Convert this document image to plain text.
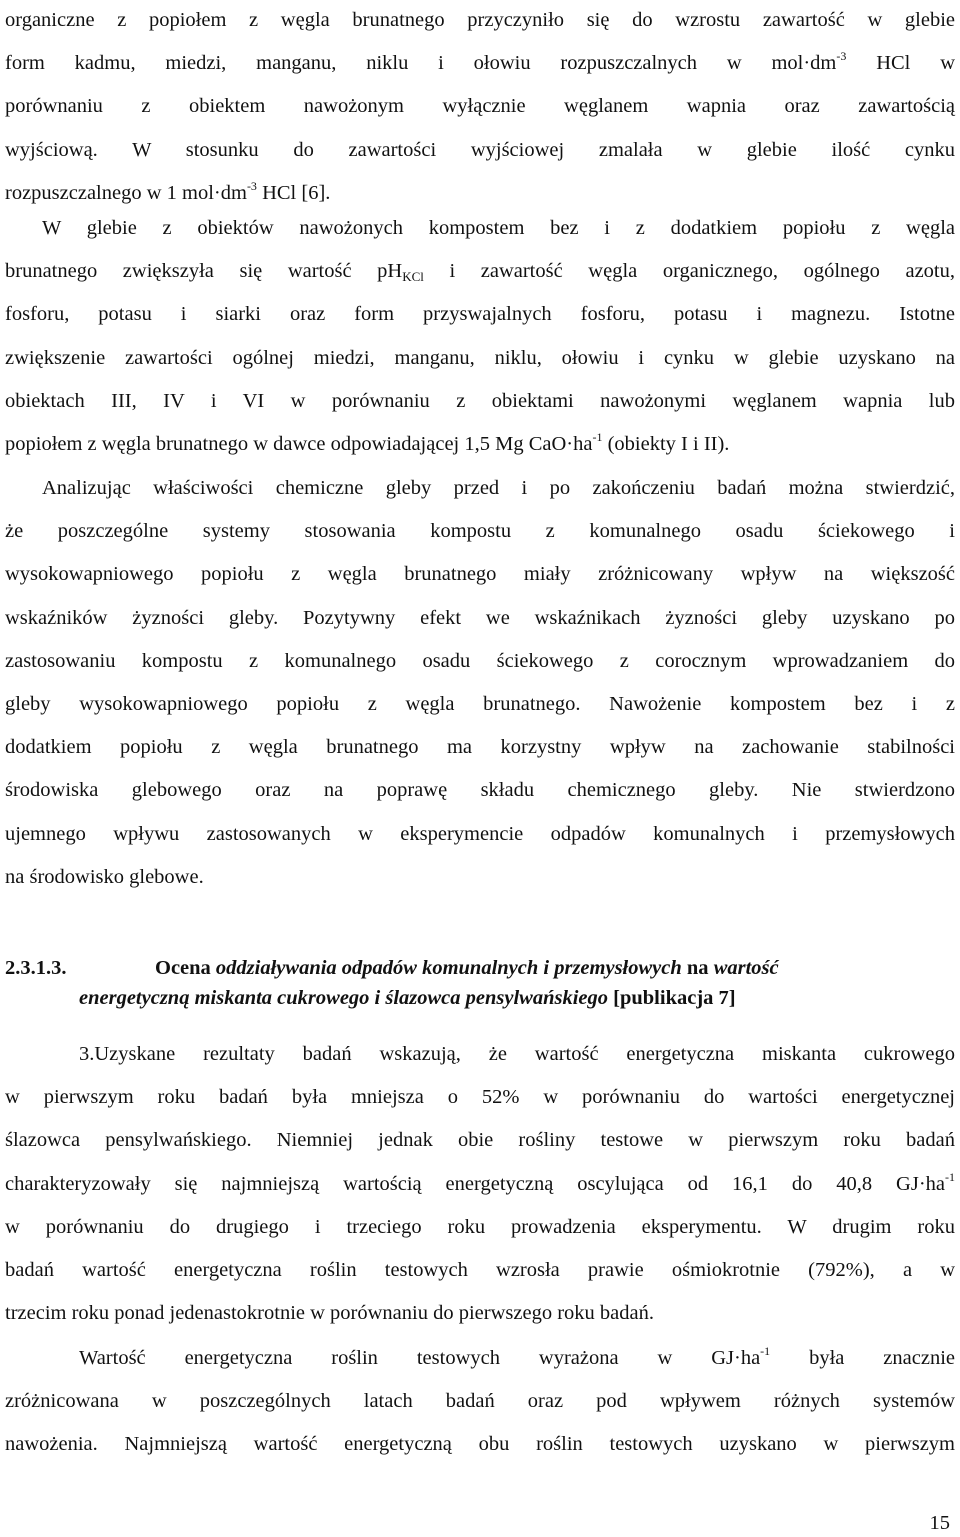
organiczne z popiołem z węgla brunatnego przyczyniło się do wzrostu zawartość w glebie
form kadmu, miedzi, manganu, niklu i ołowiu rozpuszczalnych w $mol\cdot dm^{-3}$ HCl w
porównaniu z obiektem nawożonym wyłącznie węglanem wapnia oraz zawartością
wyjściową. W stosunku do zawartości wyjściowej zmalała w glebie ilość cynku
rozpuszczalnego w 1 $mol\cdot dm^{-3}$ HCl [6].
W glebie z obiektów nawożonych kompostem bez i z dodatkiem popiołu z węgla
brunatnego zwiększyła się wartość $pH_{KCl}$ i zawartość węgla organicznego, ogólnego azotu,
fosforu, potasu i siarki oraz form przyswajalnych fosforu, potasu i magnezu. Istotne
zwiększenie zawartości ogólnej miedzi, manganu, niklu, ołowiu i cynku w glebie uzyskano na
obiektach III, IV i VI w porównaniu z obiektami nawożonymi węglanem wapnia lub
popiołem z węgla brunatnego w dawce odpowiadającej 1,5 Mg $CaO\cdot ha^{-1}$ (obiekty I i II).
Analizując właściwości chemiczne gleby przed i po zakończeniu badań można stwierdzić,
że poszczególne systemy stosowania kompostu z komunalnego osadu ściekowego i
wysokowapniowego popiołu z węgla brunatnego miały zróżnicowany wpływ na większość
wskaźników żyzności gleby. Pozytywny efekt we wskaźnikach żyzności gleby uzyskano po
zastosowaniu kompostu z komunalnego osadu ściekowego z corocznym wprowadzaniem do
gleby wysokowapniowego popiołu z węgla brunatnego. Nawożenie kompostem bez i z
dodatkiem popiołu z węgla brunatnego ma korzystny wpływ na zachowanie stabilności
środowiska glebowego oraz na poprawę składu chemicznego gleby. Nie stwierdzono
ujemnego wpływu zastosowanych w eksperymencie odpadów komunalnych i przemysłowych
na środowisko glebowe.
2.3.1.3.	Ocena oddziaływania odpadów komunalnych i przemysłowych na wartość
energetyczną miskanta cukrowego i ślazowca pensylwańskiego [publikacja 7]
3.Uzyskane rezultaty badań wskazują, że wartość energetyczna miskanta cukrowego
w pierwszym roku badań była mniejsza o 52% w porównaniu do wartości energetycznej
ślazowca pensylwańskiego. Niemniej jednak obie rośliny testowe w pierwszym roku badań
charakteryzowały się najmniejszą wartością energetyczną oscylująca od 16,1 do 40,8 $GJ\cdot ha^{-1}$
w porównaniu do drugiego i trzeciego roku prowadzenia eksperymentu. W drugim roku
badań wartość energetyczna roślin testowych wzrosła prawie ośmiokrotnie (792%), a w
trzecim roku ponad jedenastokrotnie w porównaniu do pierwszego roku badań.
Wartość energetyczna roślin testowych wyrażona w $GJ\cdot ha^{-1}$ była znacznie
zróżnicowana w poszczególnych latach badań oraz pod wpływem różnych systemów
nawożenia. Najmniejszą wartość energetyczną obu roślin testowych uzyskano w pierwszym
15
